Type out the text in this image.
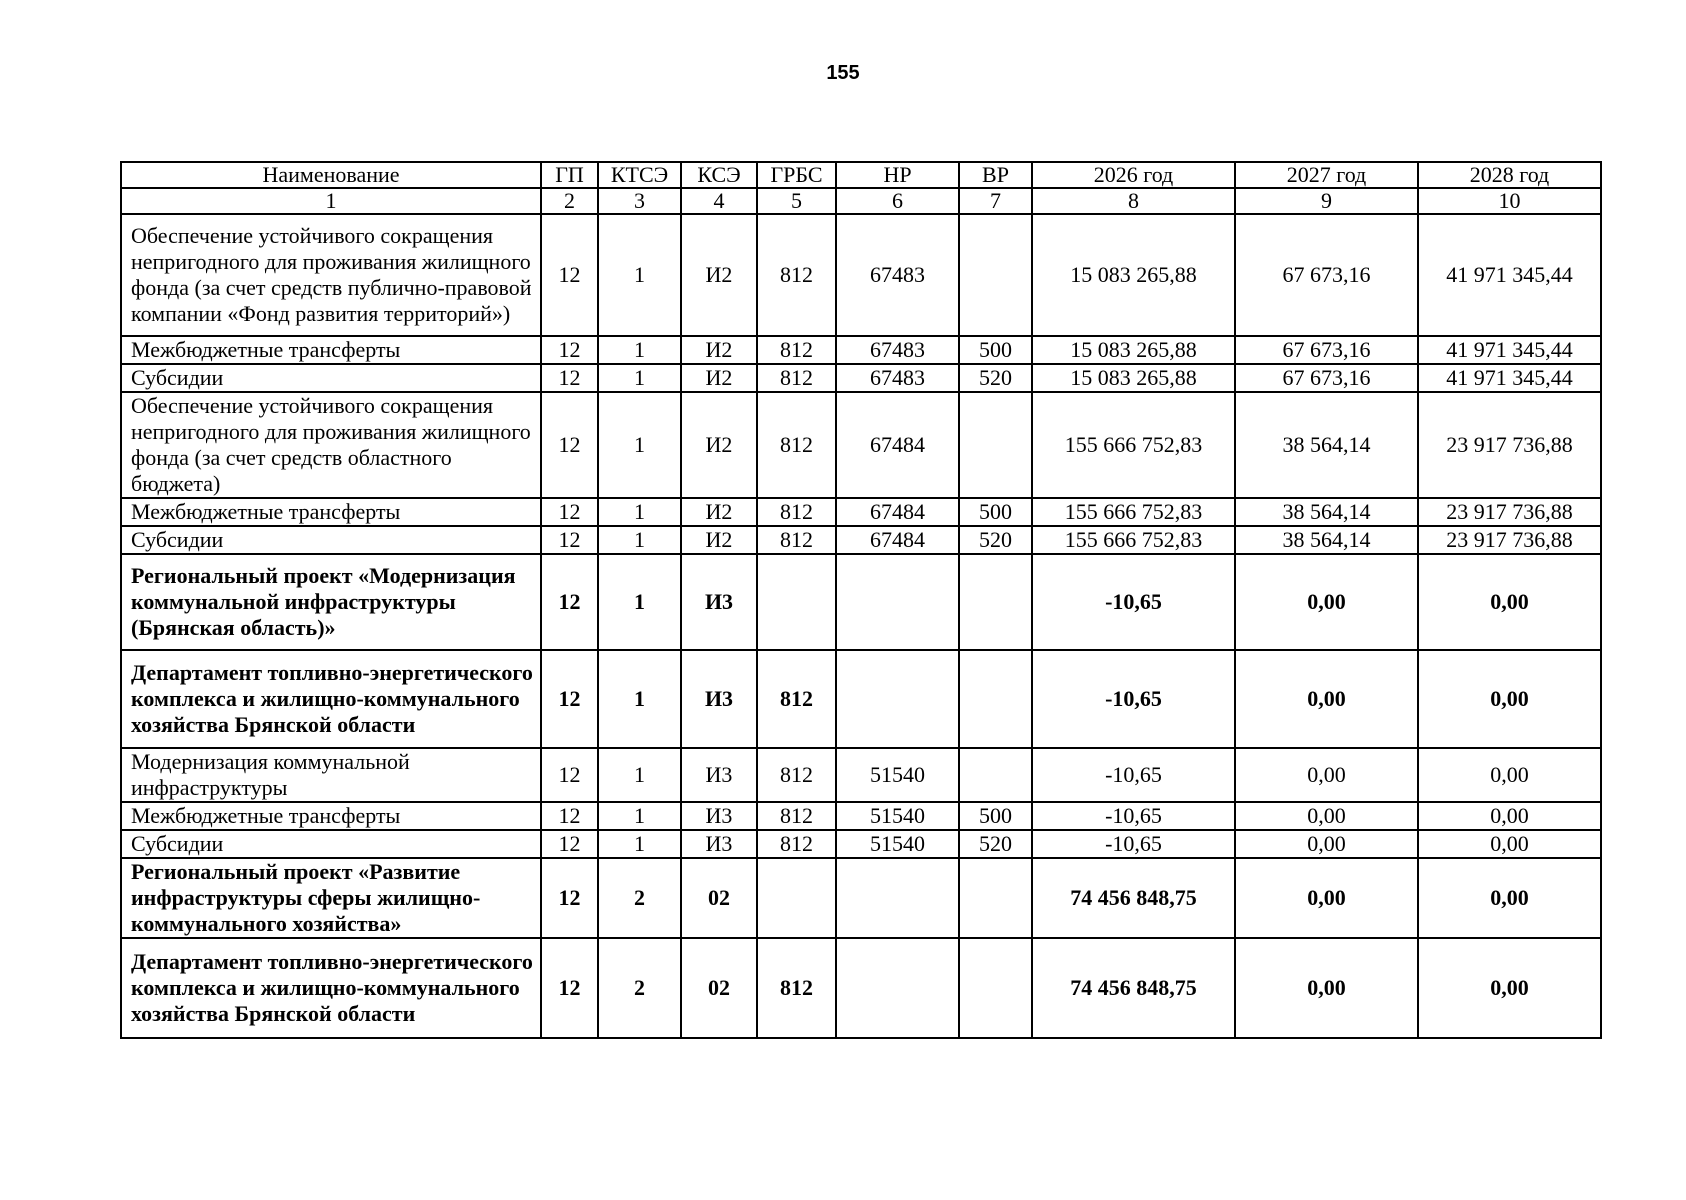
155
Наименование	ГП	КТСЭ	КСЭ	ГРБС	НР	ВР	2026 год	2027 год	2028 год
1	2	3	4	5	6	7	8	9	10
Обеспечение устойчивого сокращения непригодного для проживания жилищного фонда (за счет средств публично-правовой компании «Фонд развития территорий»)	12	1	И2	812	67483		15 083 265,88	67 673,16	41 971 345,44
Межбюджетные трансферты	12	1	И2	812	67483	500	15 083 265,88	67 673,16	41 971 345,44
Субсидии	12	1	И2	812	67483	520	15 083 265,88	67 673,16	41 971 345,44
Обеспечение устойчивого сокращения непригодного для проживания жилищного фонда (за счет средств областного бюджета)	12	1	И2	812	67484		155 666 752,83	38 564,14	23 917 736,88
Межбюджетные трансферты	12	1	И2	812	67484	500	155 666 752,83	38 564,14	23 917 736,88
Субсидии	12	1	И2	812	67484	520	155 666 752,83	38 564,14	23 917 736,88
Региональный проект «Модернизация коммунальной инфраструктуры (Брянская область)»	12	1	И3				-10,65	0,00	0,00
Департамент топливно-энергетического комплекса и жилищно-коммунального хозяйства Брянской области	12	1	И3	812			-10,65	0,00	0,00
Модернизация коммунальной инфраструктуры	12	1	И3	812	51540		-10,65	0,00	0,00
Межбюджетные трансферты	12	1	И3	812	51540	500	-10,65	0,00	0,00
Субсидии	12	1	И3	812	51540	520	-10,65	0,00	0,00
Региональный проект «Развитие инфраструктуры сферы жилищно-коммунального хозяйства»	12	2	02				74 456 848,75	0,00	0,00
Департамент топливно-энергетического комплекса и жилищно-коммунального хозяйства Брянской области	12	2	02	812			74 456 848,75	0,00	0,00
